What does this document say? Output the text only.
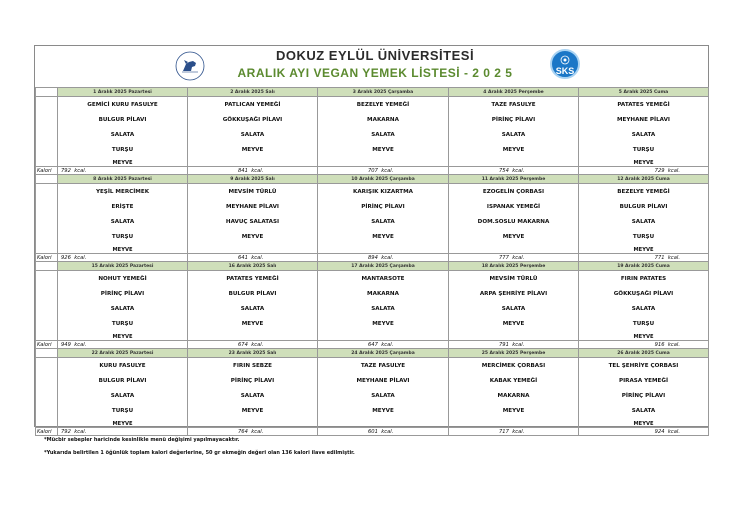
DOKUZ EYLÜL ÜNİVERSİTESİ
ARALIK AYI VEGAN YEMEK LİSTESİ - 2 0 2 5	SKS
	1 Aralık 2025 Pazartesi	2 Aralık 2025 Salı	3 Aralık 2025 Çarşamba	4 Aralık 2025 Perşembe	5 Aralık 2025 Cuma
	GEMİCİ KURU FASULYE	PATLICAN YEMEĞİ	BEZELYE YEMEĞİ	TAZE FASULYE	PATATES YEMEĞİ
	BULGUR PİLAVI	GÖKKUŞAĞI PİLAVI	MAKARNA	PİRİNÇ PİLAVI	MEYHANE PİLAVI
	SALATA	SALATA	SALATA	SALATA	SALATA
	TURŞU	MEYVE	MEYVE	MEYVE	TURŞU
	MEYVE				MEYVE
Kalori	792 kcal.	841 kcal.	707 kcal.	754 kcal.	729 kcal.
	8 Aralık 2025 Pazartesi	9 Aralık 2025 Salı	10 Aralık 2025 Çarşamba	11 Aralık 2025 Perşembe	12 Aralık 2025 Cuma
	YEŞİL MERCİMEK	MEVSİM TÜRLÜ	KARIŞIK KIZARTMA	EZOGELİN ÇORBASI	BEZELYE YEMEĞİ
	ERİŞTE	MEYHANE PİLAVI	PİRİNÇ PİLAVI	ISPANAK YEMEĞİ	BULGUR PİLAVI
	SALATA	HAVUÇ SALATASI	SALATA	DOM.SOSLU MAKARNA	SALATA
	TURŞU	MEYVE	MEYVE	MEYVE	TURŞU
	MEYVE				MEYVE
Kalori	926 kcal.	641 kcal.	894 kcal.	777 kcal.	771 kcal.
	15 Aralık 2025 Pazartesi	16 Aralık 2025 Salı	17 Aralık 2025 Çarşamba	18 Aralık 2025 Perşembe	19 Aralık 2025 Cuma
	NOHUT YEMEĞİ	PATATES YEMEĞİ	MANTARSOTE	MEVSİM TÜRLÜ	FIRIN PATATES
	PİRİNÇ PİLAVI	BULGUR PİLAVI	MAKARNA	ARPA ŞEHRİYE PİLAVI	GÖKKUŞAĞI PİLAVI
	SALATA	SALATA	SALATA	SALATA	SALATA
	TURŞU	MEYVE	MEYVE	MEYVE	TURŞU
	MEYVE				MEYVE
Kalori	949 kcal.	674 kcal.	647 kcal.	791 kcal.	916 kcal.
	22 Aralık 2025 Pazartesi	23 Aralık 2025 Salı	24 Aralık 2025 Çarşamba	25 Aralık 2025 Perşembe	26 Aralık 2025 Cuma
	KURU FASULYE	FIRIN SEBZE	TAZE FASULYE	MERCİMEK ÇORBASI	TEL ŞEHRİYE ÇORBASI
	BULGUR PİLAVI	PİRİNÇ PİLAVI	MEYHANE PİLAVI	KABAK YEMEĞİ	PIRASA YEMEĞİ
	SALATA	SALATA	SALATA	MAKARNA	PİRİNÇ PİLAVI
	TURŞU	MEYVE	MEYVE	MEYVE	SALATA
	MEYVE				MEYVE
Kalori	792 kcal.	764 kcal.	601 kcal.	717 kcal.	924 kcal.
*Mücbir sebepler haricinde kesinlikle menü değişimi yapılmayacaktır.
*Yukarıda belirtilen 1 öğünlük toplam kalori değerlerine, 50 gr ekmeğin değeri olan 136 kalori ilave edilmiştir.
